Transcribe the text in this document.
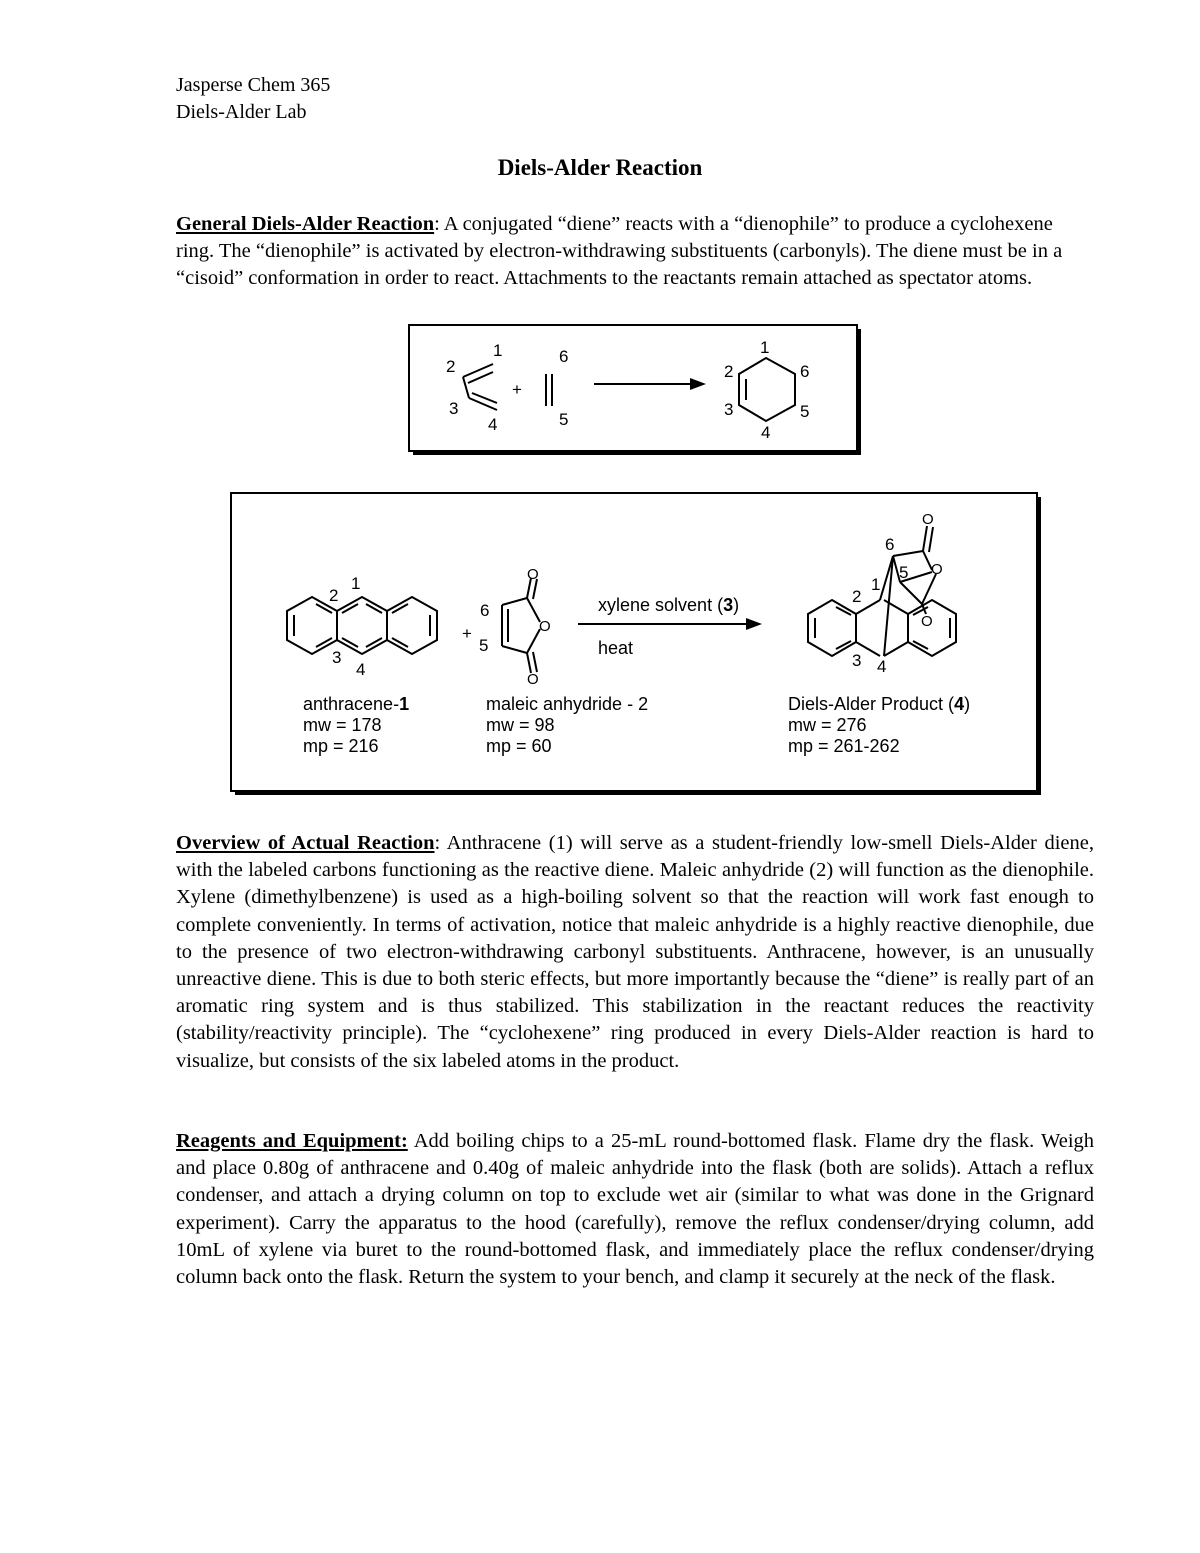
Jasperse Chem 365
Diels-Alder Lab
Diels-Alder Reaction

General Diels-Alder Reaction: A conjugated “diene” reacts with a “dienophile” to produce a cyclohexene ring. The “dienophile” is activated by electron-withdrawing substituents (carbonyls). The diene must be in a “cisoid” conformation in order to react. Attachments to the reactants remain attached as spectator atoms.

1
2
3
4
+
6
5
1
2
3
4
5
6
1
2
3
4
+
O
O
O
6
5
O
O
O
6
5
1
2
3 4
xylene solvent (3)
heat
anthracene-1
mw = 178
mp = 216
maleic anhydride - 2
mw = 98
mp = 60
Diels-Alder Product (4)
mw = 276
mp = 261-262

Overview of Actual Reaction: Anthracene (1) will serve as a student-friendly low-smell Diels-Alder diene, with the labeled carbons functioning as the reactive diene. Maleic anhydride (2) will function as the dienophile. Xylene (dimethylbenzene) is used as a high-boiling solvent so that the reaction will work fast enough to complete conveniently. In terms of activation, notice that maleic anhydride is a highly reactive dienophile, due to the presence of two electron-withdrawing carbonyl substituents. Anthracene, however, is an unusually unreactive diene. This is due to both steric effects, but more importantly because the “diene” is really part of an aromatic ring system and is thus stabilized. This stabilization in the reactant reduces the reactivity (stability/reactivity principle). The “cyclohexene” ring produced in every Diels-Alder reaction is hard to visualize, but consists of the six labeled atoms in the product.

Reagents and Equipment: Add boiling chips to a 25-mL round-bottomed flask. Flame dry the flask. Weigh and place 0.80g of anthracene and 0.40g of maleic anhydride into the flask (both are solids). Attach a reflux condenser, and attach a drying column on top to exclude wet air (similar to what was done in the Grignard experiment). Carry the apparatus to the hood (carefully), remove the reflux condenser/drying column, add 10mL of xylene via buret to the round-bottomed flask, and immediately place the reflux condenser/drying column back onto the flask. Return the system to your bench, and clamp it securely at the neck of the flask.
